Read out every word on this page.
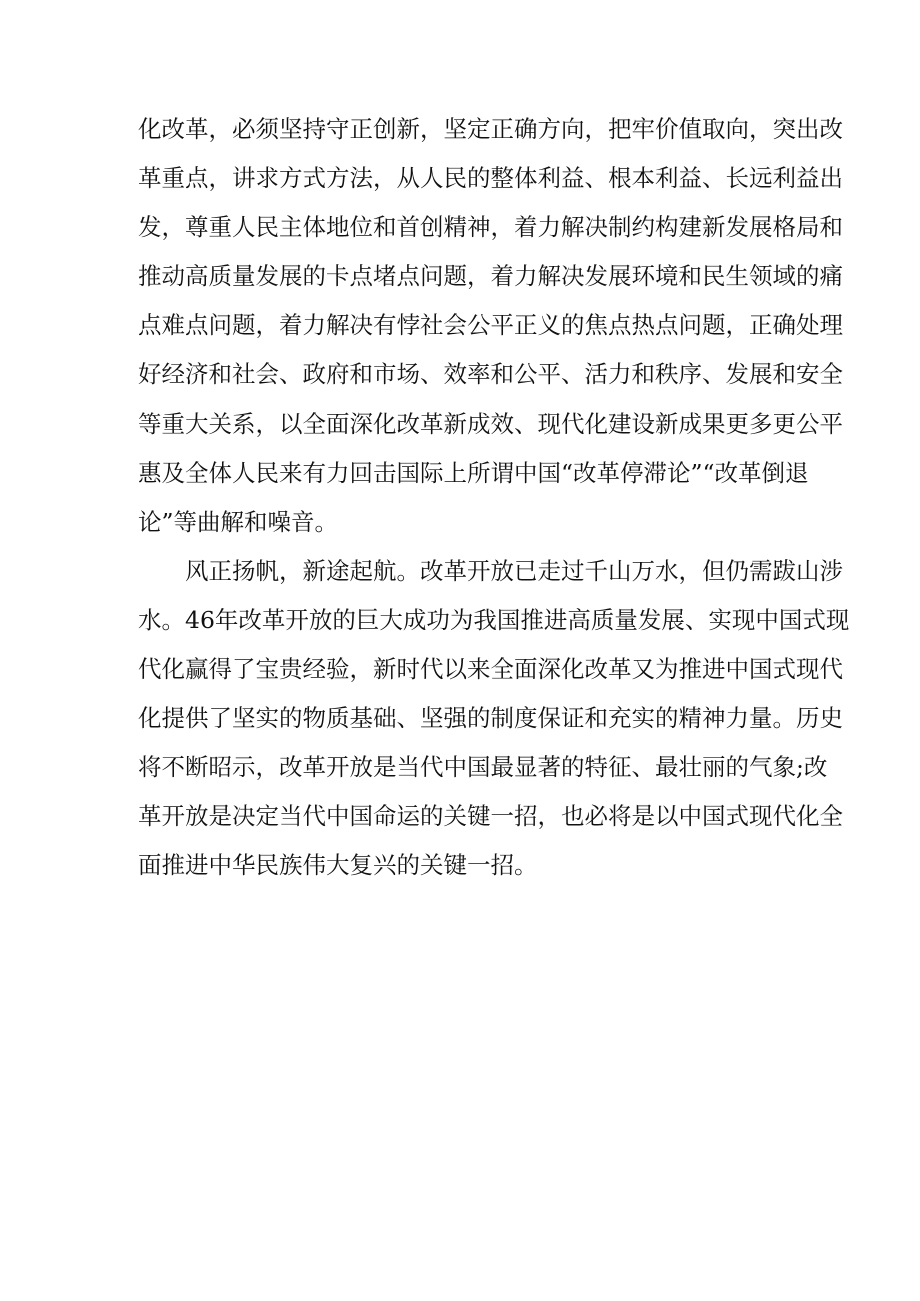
化改革，必须坚持守正创新，坚定正确方向，把牢价值取向，突出改
革重点，讲求方式方法，从人民的整体利益、根本利益、长远利益出
发，尊重人民主体地位和首创精神，着力解决制约构建新发展格局和
推动高质量发展的卡点堵点问题，着力解决发展环境和民生领域的痛
点难点问题，着力解决有悖社会公平正义的焦点热点问题，正确处理
好经济和社会、政府和市场、效率和公平、活力和秩序、发展和安全
等重大关系，以全面深化改革新成效、现代化建设新成果更多更公平
惠及全体人民来有力回击国际上所谓中国“改革停滞论”“改革倒退
论”等曲解和噪音。
风正扬帆，新途起航。改革开放已走过千山万水，但仍需跋山涉
水。46年改革开放的巨大成功为我国推进高质量发展、实现中国式现
代化赢得了宝贵经验，新时代以来全面深化改革又为推进中国式现代
化提供了坚实的物质基础、坚强的制度保证和充实的精神力量。历史
将不断昭示，改革开放是当代中国最显著的特征、最壮丽的气象;改
革开放是决定当代中国命运的关键一招，也必将是以中国式现代化全
面推进中华民族伟大复兴的关键一招。
